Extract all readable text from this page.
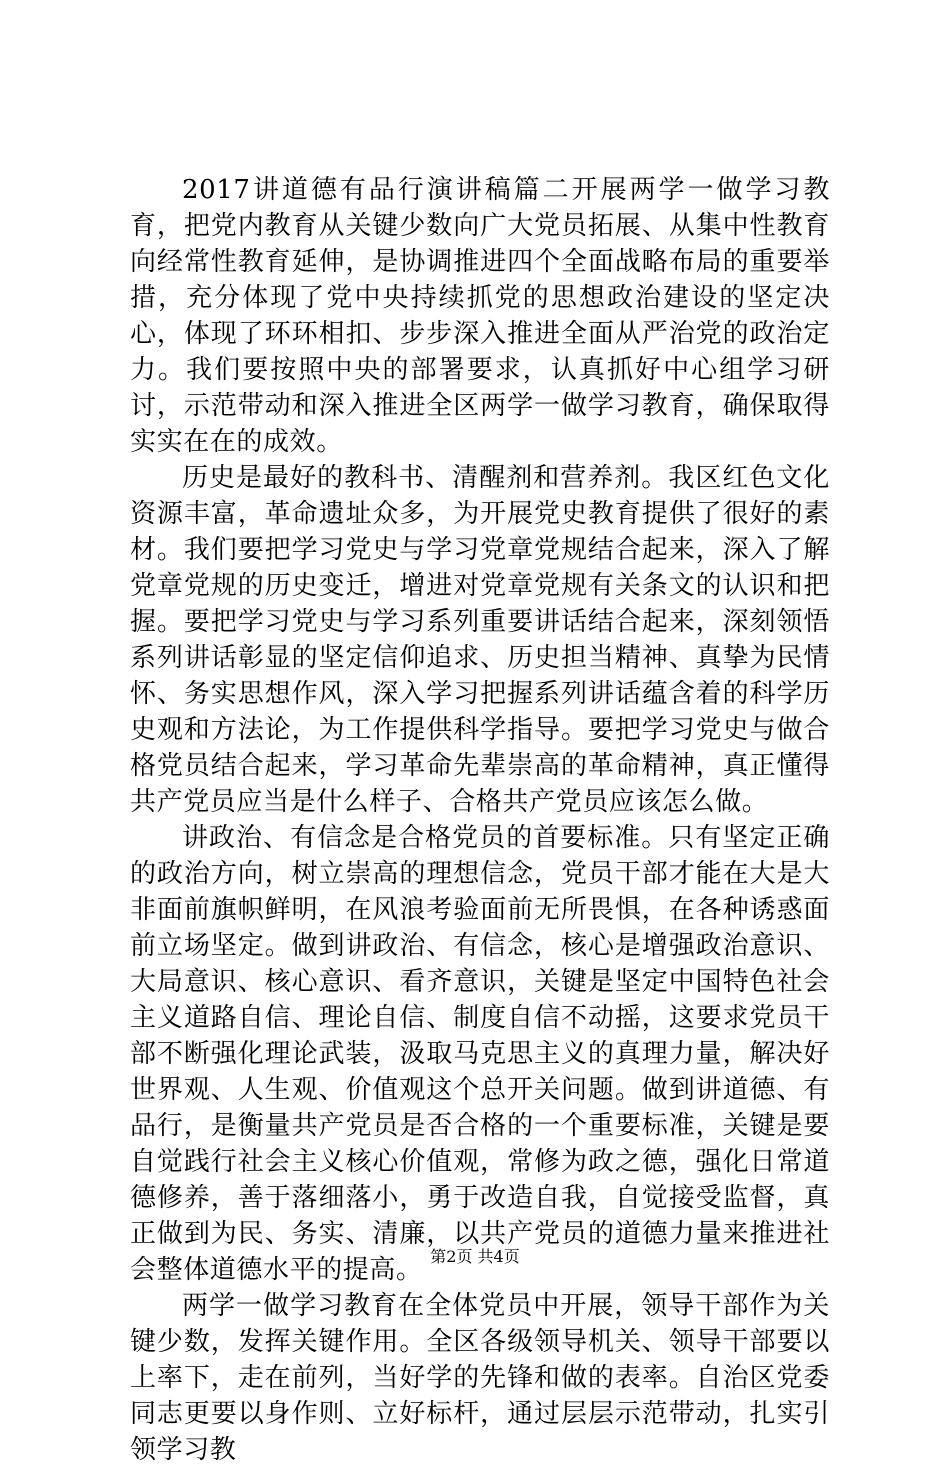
2017讲道德有品行演讲稿篇二开展两学一做学习教育，把党内教育从关键少数向广大党员拓展、从集中性教育向经常性教育延伸，是协调推进四个全面战略布局的重要举措，充分体现了党中央持续抓党的思想政治建设的坚定决心，体现了环环相扣、步步深入推进全面从严治党的政治定力。我们要按照中央的部署要求，认真抓好中心组学习研讨，示范带动和深入推进全区两学一做学习教育，确保取得实实在在的成效。

历史是最好的教科书、清醒剂和营养剂。我区红色文化资源丰富，革命遗址众多，为开展党史教育提供了很好的素材。我们要把学习党史与学习党章党规结合起来，深入了解党章党规的历史变迁，增进对党章党规有关条文的认识和把握。要把学习党史与学习系列重要讲话结合起来，深刻领悟系列讲话彰显的坚定信仰追求、历史担当精神、真挚为民情怀、务实思想作风，深入学习把握系列讲话蕴含着的科学历史观和方法论，为工作提供科学指导。要把学习党史与做合格党员结合起来，学习革命先辈崇高的革命精神，真正懂得共产党员应当是什么样子、合格共产党员应该怎么做。

讲政治、有信念是合格党员的首要标准。只有坚定正确的政治方向，树立崇高的理想信念，党员干部才能在大是大非面前旗帜鲜明，在风浪考验面前无所畏惧，在各种诱惑面前立场坚定。做到讲政治、有信念，核心是增强政治意识、大局意识、核心意识、看齐意识，关键是坚定中国特色社会主义道路自信、理论自信、制度自信不动摇，这要求党员干部不断强化理论武装，汲取马克思主义的真理力量，解决好世界观、人生观、价值观这个总开关问题。做到讲道德、有品行，是衡量共产党员是否合格的一个重要标准，关键是要自觉践行社会主义核心价值观，常修为政之德，强化日常道德修养，善于落细落小，勇于改造自我，自觉接受监督，真正做到为民、务实、清廉，以共产党员的道德力量来推进社会整体道德水平的提高。

两学一做学习教育在全体党员中开展，领导干部作为关键少数，发挥关键作用。全区各级领导机关、领导干部要以上率下，走在前列，当好学的先锋和做的表率。自治区党委同志更要以身作则、立好标杆，通过层层示范带动，扎实引领学习教

第2页 共4页
